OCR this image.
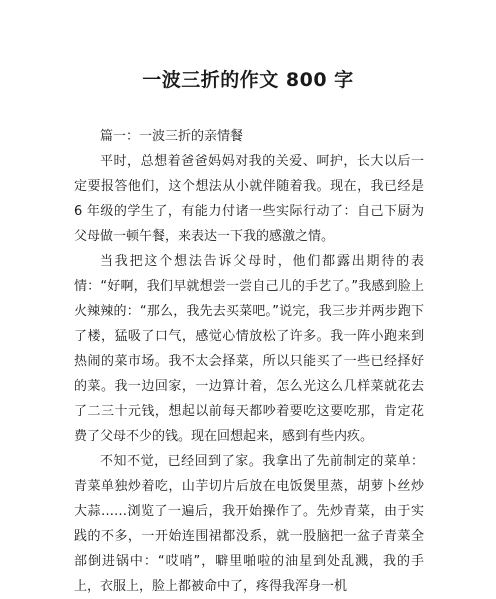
一波三折的作文 800 字

篇一：一波三折的亲情餐

平时，总想着爸爸妈妈对我的关爱、呵护，长大以后一定要报答他们，这个想法从小就伴随着我。现在，我已经是 6 年级的学生了，有能力付诸一些实际行动了：自己下厨为父母做一顿午餐，来表达一下我的感激之情。

当我把这个想法告诉父母时，他们都露出期待的表情：“好啊，我们早就想尝一尝自己儿的手艺了。”我感到脸上火辣辣的：“那么，我先去买菜吧。”说完，我三步并两步跑下了楼，猛吸了口气，感觉心情放松了许多。我一阵小跑来到热闹的菜市场。我不太会择菜，所以只能买了一些已经择好的菜。我一边回家，一边算计着，怎么光这么几样菜就花去了二三十元钱，想起以前每天都吵着要吃这要吃那，肯定花费了父母不少的钱。现在回想起来，感到有些内疚。

不知不觉，已经回到了家。我拿出了先前制定的菜单：青菜单独炒着吃，山芋切片后放在电饭煲里蒸，胡萝卜丝炒大蒜……浏览了一遍后，我开始操作了。先炒青菜，由于实践的不多，一开始连围裙都没系，就一股脑把一盆子青菜全部倒进锅中：“哎哨”，噼里啪啦的油星到处乱溅，我的手上，衣服上，脸上都被命中了，疼得我浑身一机
